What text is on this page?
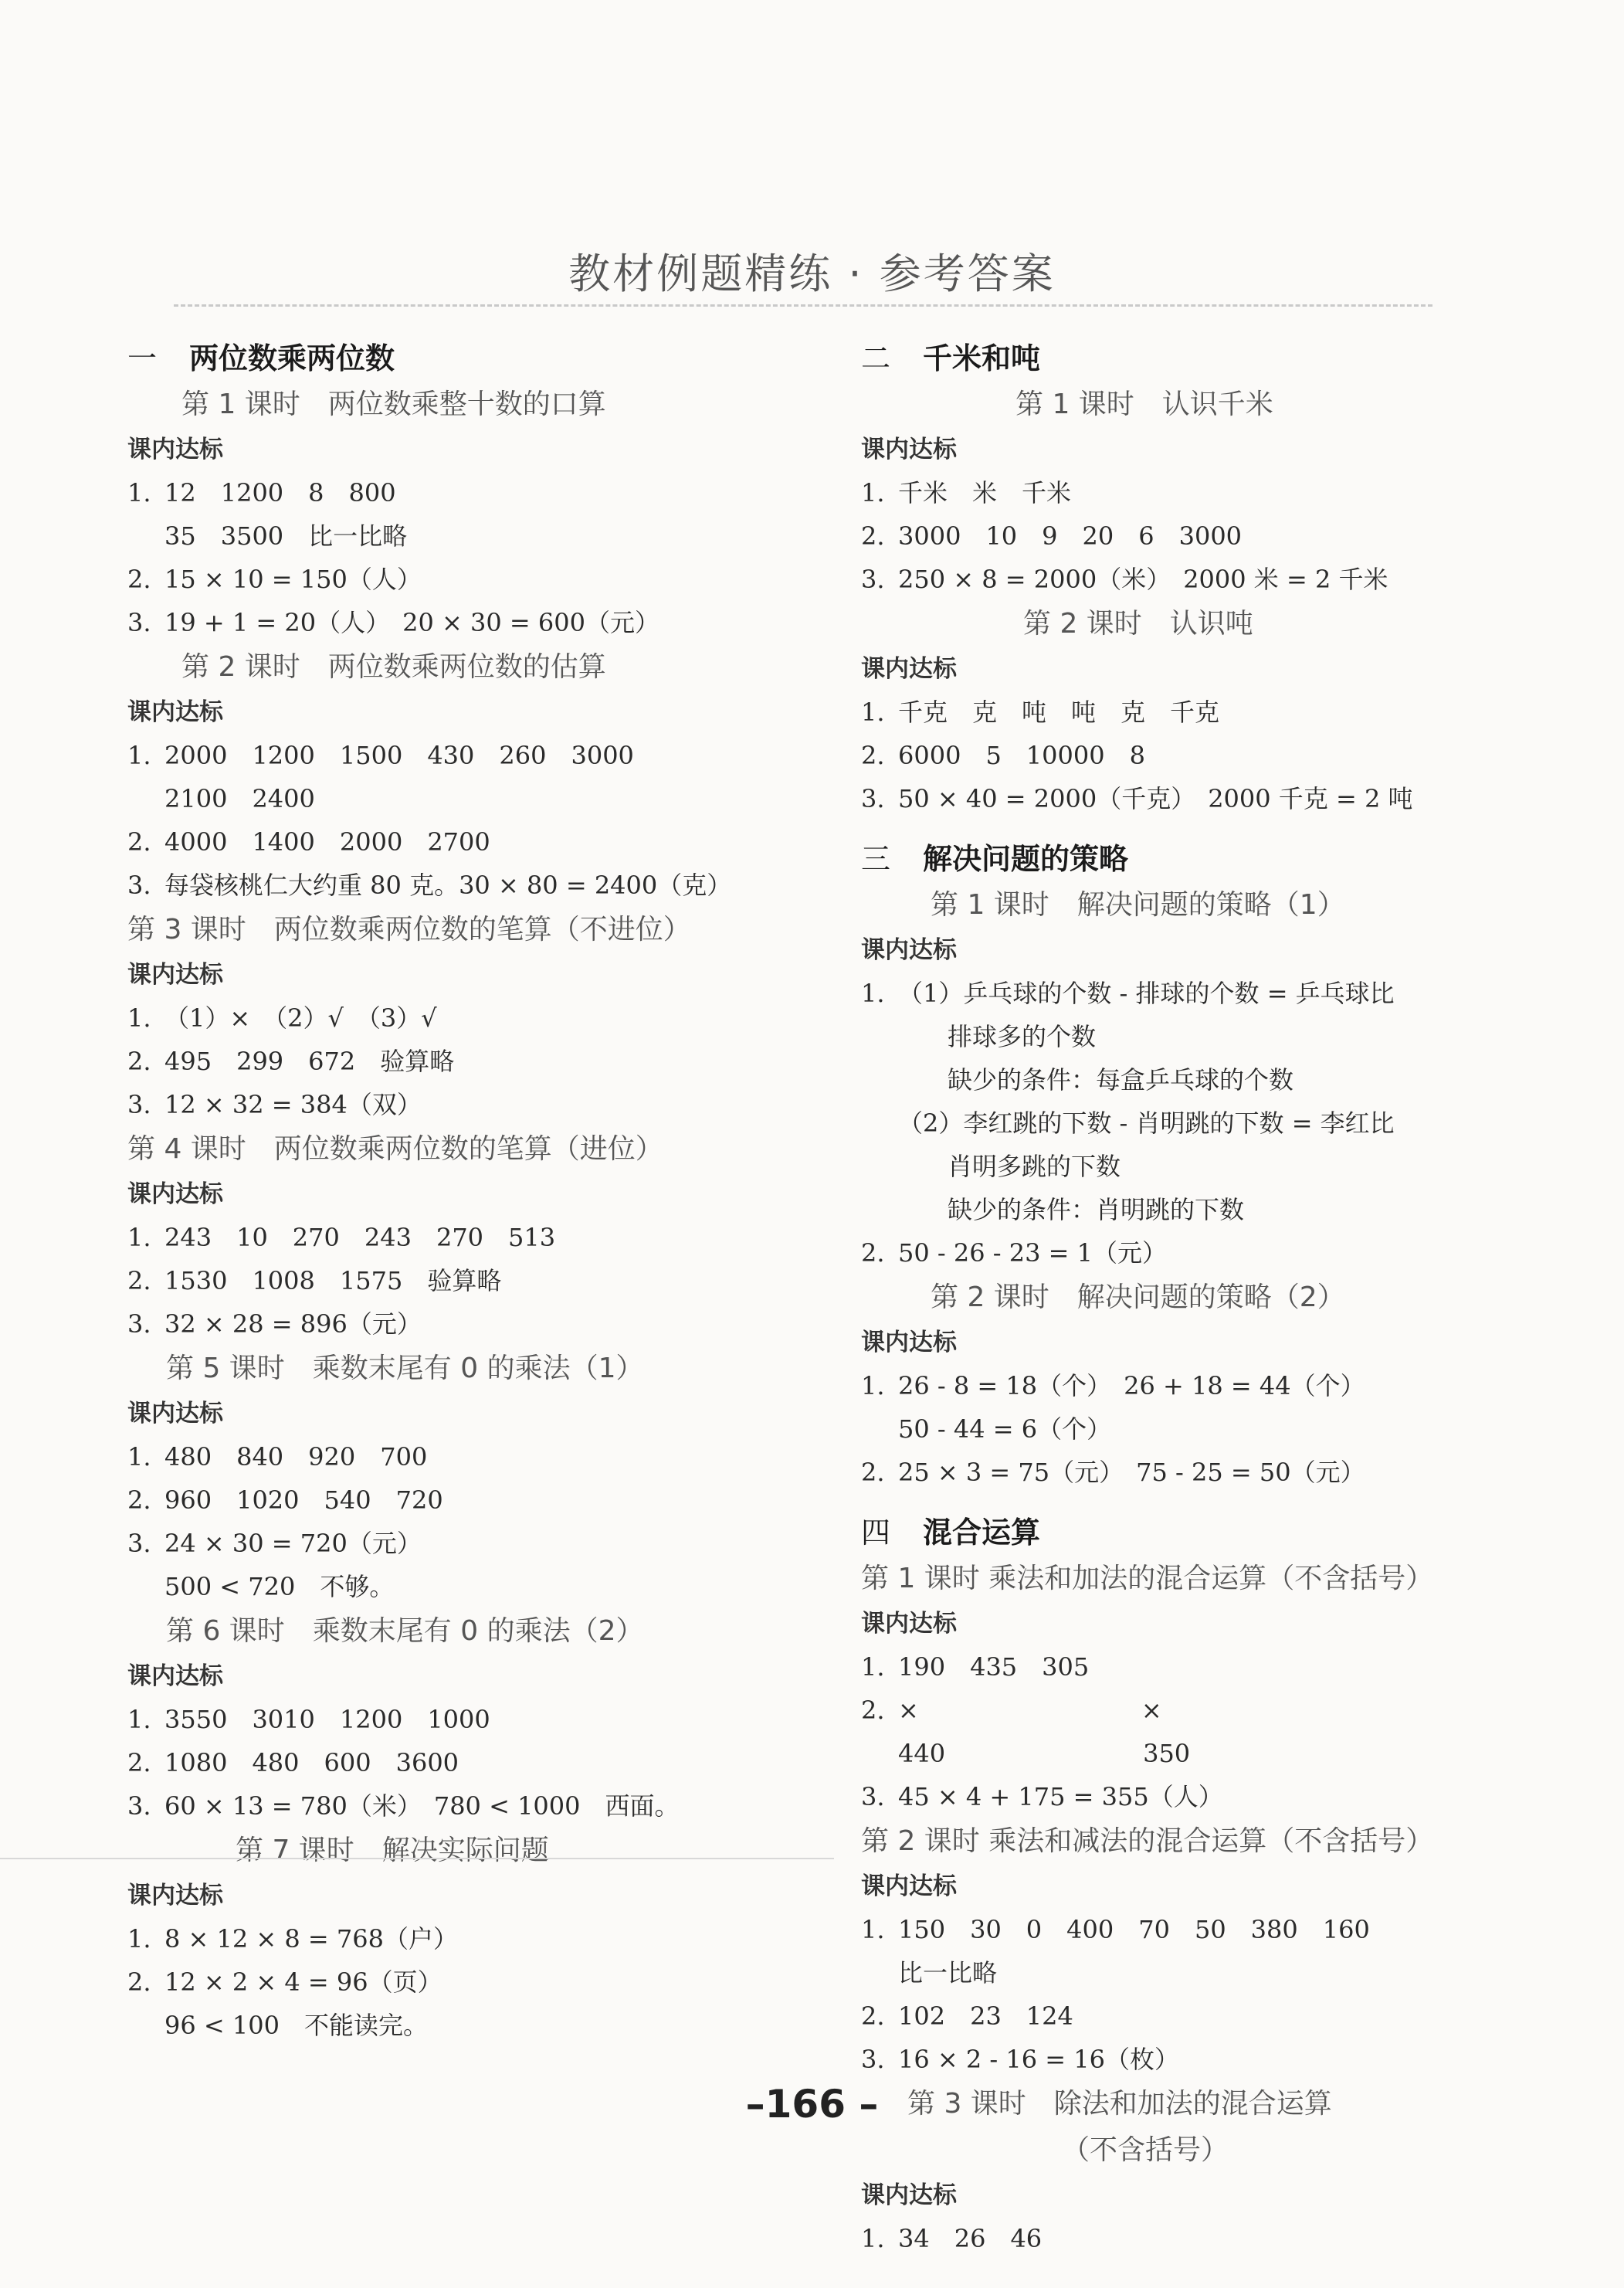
教材例题精练 · 参考答案
一 两位数乘两位数
第 1 课时　两位数乘整十数的口算
课内达标
1. 12　1200　8　800
35　3500　比一比略
2. 15 × 10 = 150（人）
3. 19 + 1 = 20（人）　20 × 30 = 600（元）
第 2 课时　两位数乘两位数的估算
课内达标
1. 2000　1200　1500　430　260　3000
2100　2400
2. 4000　1400　2000　2700
3. 每袋核桃仁大约重 80 克。30 × 80 = 2400（克）
第 3 课时　两位数乘两位数的笔算（不进位）
课内达标
1. （1）×　（2）√　（3）√
2. 495　299　672　验算略
3. 12 × 32 = 384（双）
第 4 课时　两位数乘两位数的笔算（进位）
课内达标
1. 243　10　270　243　270　513
2. 1530　1008　1575　验算略
3. 32 × 28 = 896（元）
第 5 课时　乘数末尾有 0 的乘法（1）
课内达标
1. 480　840　920　700
2. 960　1020　540　720
3. 24 × 30 = 720（元）
500 < 720　不够。
第 6 课时　乘数末尾有 0 的乘法（2）
课内达标
1. 3550　3010　1200　1000
2. 1080　480　600　3600
3. 60 × 13 = 780（米）　780 < 1000　西面。
第 7 课时　解决实际问题
课内达标
1. 8 × 12 × 8 = 768（户）
2. 12 × 2 × 4 = 96（页）
96 < 100　不能读完。
二 千米和吨
第 1 课时　认识千米
课内达标
1. 千米　米　千米
2. 3000　10　9　20　6　3000
3. 250 × 8 = 2000（米）　2000 米 = 2 千米
第 2 课时　认识吨
课内达标
1. 千克　克　吨　吨　克　千克
2. 6000　5　10000　8
3. 50 × 40 = 2000（千克）　2000 千克 = 2 吨
三 解决问题的策略
第 1 课时　解决问题的策略（1）
课内达标
1. （1）乒乓球的个数 - 排球的个数 = 乒乓球比
排球多的个数
缺少的条件：每盒乒乓球的个数
（2）李红跳的下数 - 肖明跳的下数 = 李红比
肖明多跳的下数
缺少的条件：肖明跳的下数
2. 50 - 26 - 23 = 1（元）
第 2 课时　解决问题的策略（2）
课内达标
1. 26 - 8 = 18（个）　26 + 18 = 44（个）
50 - 44 = 6（个）
2. 25 × 3 = 75（元）　75 - 25 = 50（元）
四 混合运算
第 1 课时 乘法和加法的混合运算（不含括号）
课内达标
1. 190　435　305
2. ×　　　　　　　　　×
440　　　　　　　　350
3. 45 × 4 + 175 = 355（人）
第 2 课时 乘法和减法的混合运算（不含括号）
课内达标
1. 150　30　0　400　70　50　380　160
比一比略
2. 102　23　124
3. 16 × 2 - 16 = 16（枚）
第 3 课时　除法和加法的混合运算
（不含括号）
课内达标
1. 34　26　46
–166 –
